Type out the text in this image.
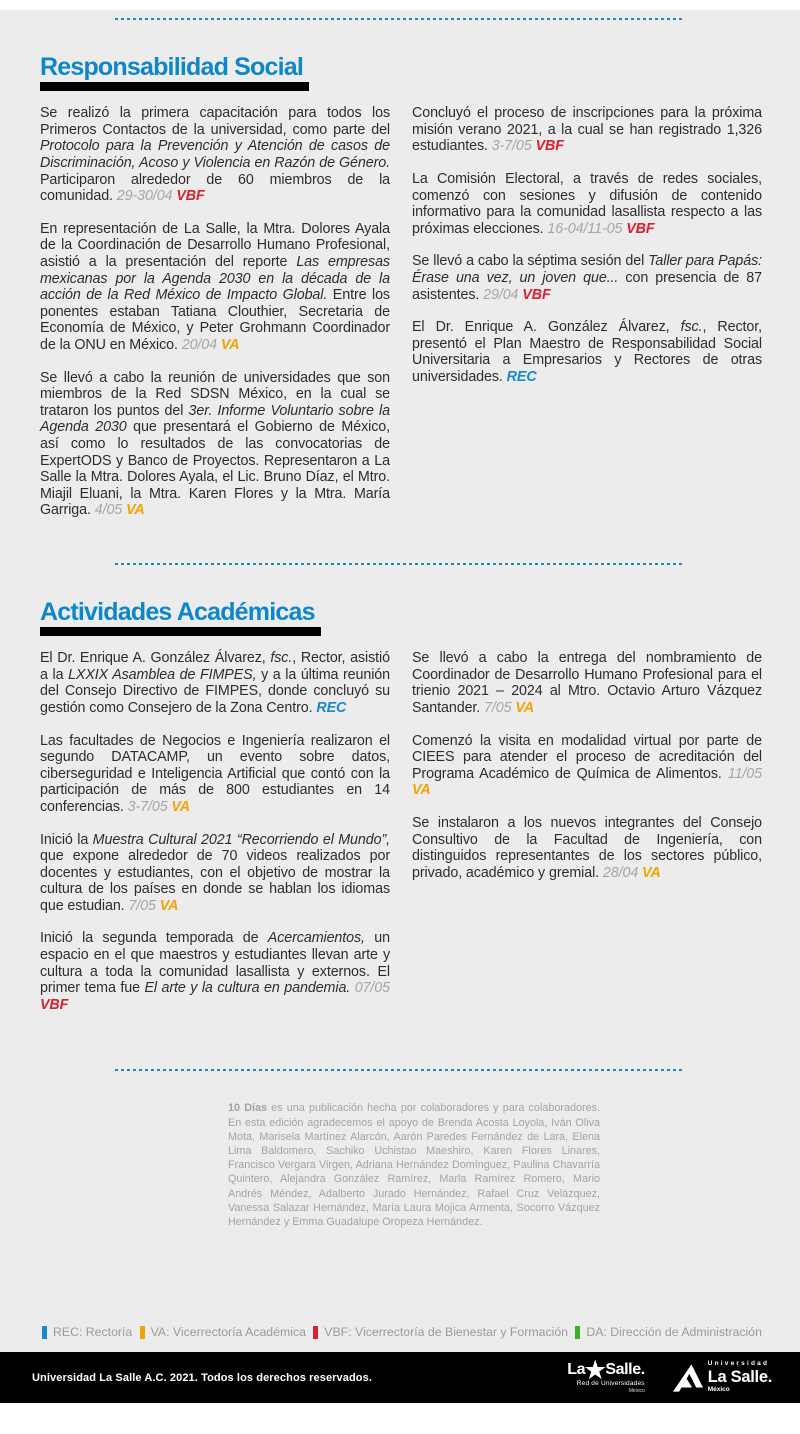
Responsabilidad Social

Se realizó la primera capacitación para todos los Primeros Contactos de la universidad, como parte del Protocolo para la Prevención y Atención de casos de Discriminación, Acoso y Violencia en Razón de Género. Participaron alrededor de 60 miembros de la comunidad. 29-30/04 VBF

En representación de La Salle, la Mtra. Dolores Ayala de la Coordinación de Desarrollo Humano Profesional, asistió a la presentación del reporte Las empresas mexicanas por la Agenda 2030 en la década de la acción de la Red México de Impacto Global. Entre los ponentes estaban Tatiana Clouthier, Secretaria de Economía de México, y Peter Grohmann Coordinador de la ONU en México. 20/04 VA

Se llevó a cabo la reunión de universidades que son miembros de la Red SDSN México, en la cual se trataron los puntos del 3er. Informe Voluntario sobre la Agenda 2030 que presentará el Gobierno de México, así como lo resultados de las convocatorias de ExpertODS y Banco de Proyectos. Representaron a La Salle la Mtra. Dolores Ayala, el Lic. Bruno Díaz, el Mtro. Miajil Eluani, la Mtra. Karen Flores y la Mtra. María Garriga. 4/05 VA

Concluyó el proceso de inscripciones para la próxima misión verano 2021, a la cual se han registrado 1,326 estudiantes. 3-7/05 VBF

La Comisión Electoral, a través de redes sociales, comenzó con sesiones y difusión de contenido informativo para la comunidad lasallista respecto a las próximas elecciones. 16-04/11-05 VBF

Se llevó a cabo la séptima sesión del Taller para Papás: Érase una vez, un joven que... con presencia de 87 asistentes. 29/04 VBF

El Dr. Enrique A. González Álvarez, fsc., Rector, presentó el Plan Maestro de Responsabilidad Social Universitaria a Empresarios y Rectores de otras universidades. REC

Actividades Académicas

El Dr. Enrique A. González Álvarez, fsc., Rector, asistió a la LXXIX Asamblea de FIMPES, y a la última reunión del Consejo Directivo de FIMPES, donde concluyó su gestión como Consejero de la Zona Centro. REC

Las facultades de Negocios e Ingeniería realizaron el segundo DATACAMP, un evento sobre datos, ciberseguridad e Inteligencia Artificial que contó con la participación de más de 800 estudiantes en 14 conferencias. 3-7/05 VA

Inició la Muestra Cultural 2021 “Recorriendo el Mundo”, que expone alrededor de 70 videos realizados por docentes y estudiantes, con el objetivo de mostrar la cultura de los países en donde se hablan los idiomas que estudian. 7/05 VA

Inició la segunda temporada de Acercamientos, un espacio en el que maestros y estudiantes llevan arte y cultura a toda la comunidad lasallista y externos. El primer tema fue El arte y la cultura en pandemia. 07/05 VBF

Se llevó a cabo la entrega del nombramiento de Coordinador de Desarrollo Humano Profesional para el trienio 2021 – 2024 al Mtro. Octavio Arturo Vázquez Santander. 7/05 VA

Comenzó la visita en modalidad virtual por parte de CIEES para atender el proceso de acreditación del Programa Académico de Química de Alimentos. 11/05 VA

Se instalaron a los nuevos integrantes del Consejo Consultivo de la Facultad de Ingeniería, con distinguidos representantes de los sectores público, privado, académico y gremial. 28/04 VA

10 Días es una publicación hecha por colaboradores y para colaboradores. En esta edición agradecemos el apoyo de Brenda Acosta Loyola, Iván Oliva Mota, Marisela Martínez Alarcón, Aarón Paredes Fernández de Lara, Elena Lima Baldomero, Sachiko Uchistao Maeshiro, Karen Flores Linares, Francisco Vergara Virgen, Adriana Hernández Domínguez, Paulina Chavarría Quintero, Alejandra González Ramírez, Marla Ramírez Romero, Mario Andrés Méndez, Adalberto Jurado Hernández, Rafael Cruz Velázquez, Vanessa Salazar Hernández, María Laura Mojica Armenta, Socorro Vázquez Hernández y Emma Guadalupe Oropeza Hernández.

REC: Rectoría VA: Vicerrectoría Académica VBF: Vicerrectoría de Bienestar y Formación DA: Dirección de Administración
Universidad La Salle A.C. 2021. Todos los derechos reservados.	La
★
Salle.
Red de Universidades
México
Universidad
La Salle.
México
